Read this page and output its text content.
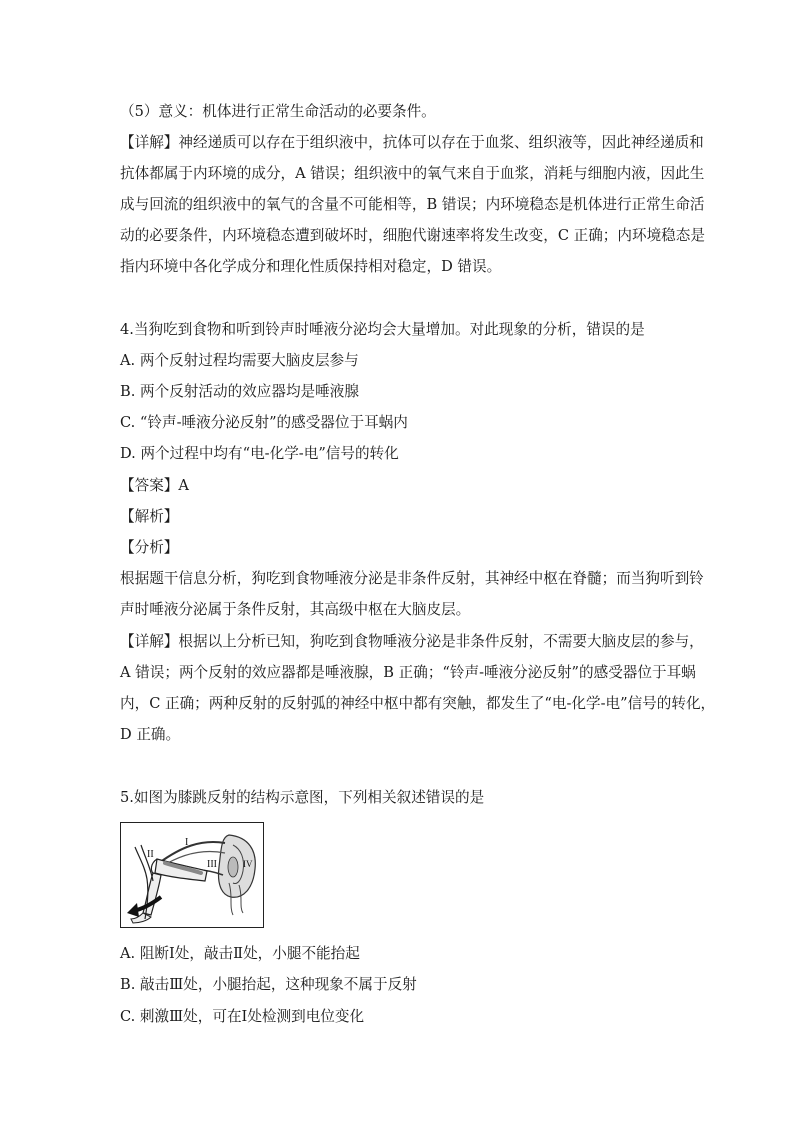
（5）意义：机体进行正常生命活动的必要条件。
【详解】神经递质可以存在于组织液中，抗体可以存在于血浆、组织液等，因此神经递质和
抗体都属于内环境的成分，A 错误；组织液中的氧气来自于血浆，消耗与细胞内液，因此生
成与回流的组织液中的氧气的含量不可能相等，B 错误；内环境稳态是机体进行正常生命活
动的必要条件，内环境稳态遭到破坏时，细胞代谢速率将发生改变，C 正确；内环境稳态是
指内环境中各化学成分和理化性质保持相对稳定，D 错误。
4.当狗吃到食物和听到铃声时唾液分泌均会大量增加。对此现象的分析，错误的是
A. 两个反射过程均需要大脑皮层参与
B. 两个反射活动的效应器均是唾液腺
C. “铃声-唾液分泌反射”的感受器位于耳蜗内
D. 两个过程中均有“电-化学-电”信号的转化
【答案】A
【解析】
【分析】
根据题干信息分析，狗吃到食物唾液分泌是非条件反射，其神经中枢在脊髓；而当狗听到铃
声时唾液分泌属于条件反射，其高级中枢在大脑皮层。
【详解】根据以上分析已知，狗吃到食物唾液分泌是非条件反射，不需要大脑皮层的参与，
A 错误；两个反射的效应器都是唾液腺，B 正确；“铃声-唾液分泌反射”的感受器位于耳蜗
内，C 正确；两种反射的反射弧的神经中枢中都有突触，都发生了“电-化学-电”信号的转化，
D 正确。
5.如图为膝跳反射的结构示意图，下列相关叙述错误的是
I
II
III	IV
A. 阻断Ⅰ处，敲击Ⅱ处，小腿不能抬起
B. 敲击Ⅲ处，小腿抬起，这种现象不属于反射
C. 刺激Ⅲ处，可在Ⅰ处检测到电位变化
